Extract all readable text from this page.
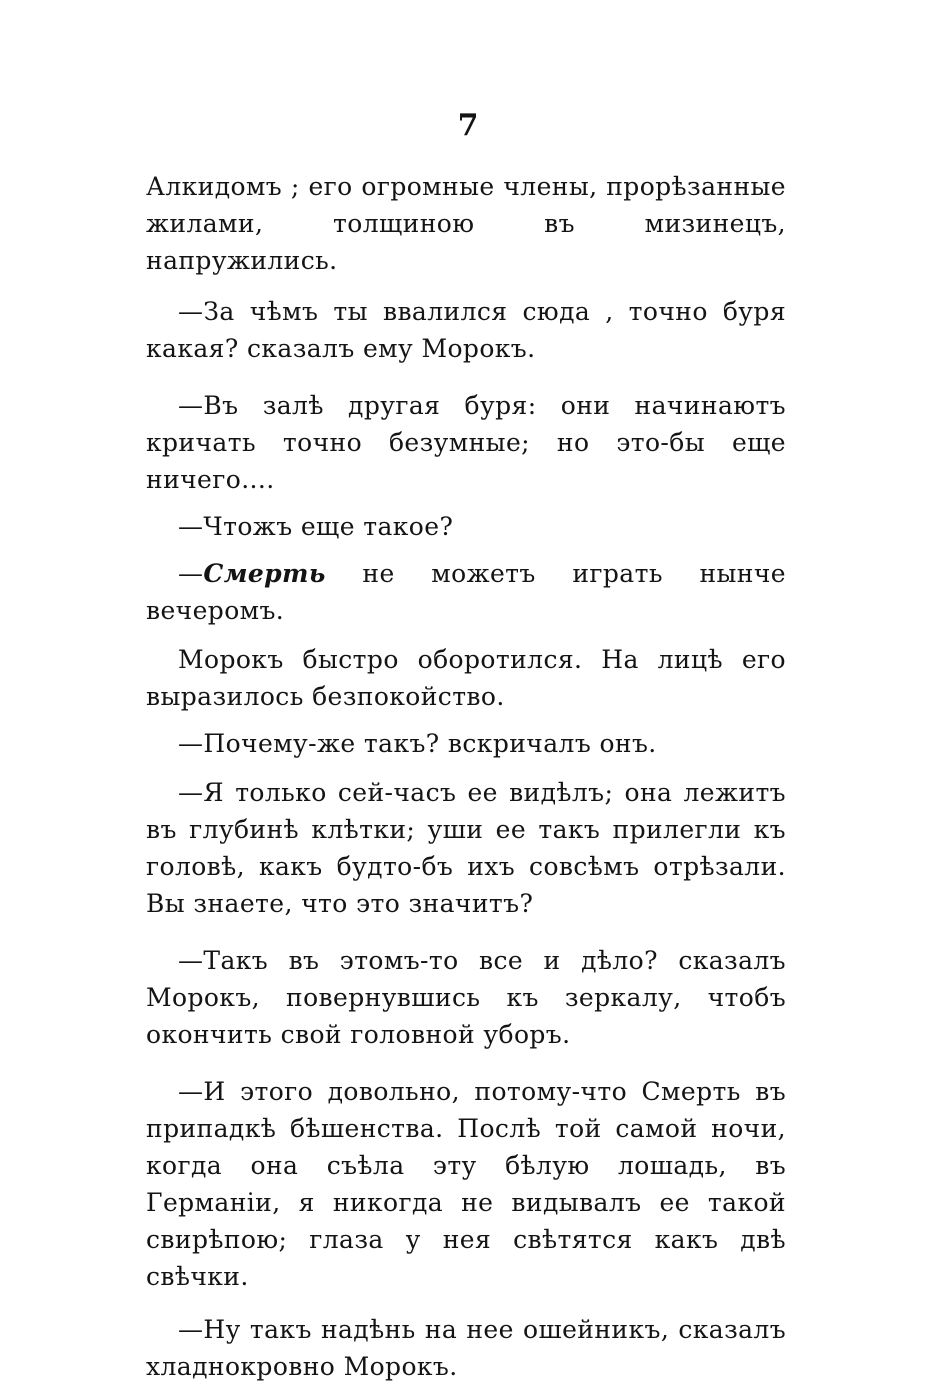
7

Алкидомъ ; его огромные члены, прорѣзанные жилами, толщиною въ мизинецъ, напружились.

—За чѣмъ ты ввалился сюда , точно буря какая? сказалъ ему Морокъ.

—Въ залѣ другая буря: они начинаютъ кричать точно безумные; но это-бы еще ничего....

—Чтожъ еще такое?

—Смерть не можетъ играть нынче вечеромъ.

Морокъ быстро оборотился. На лицѣ его выразилось безпокойство.

—Почему-же такъ? вскричалъ онъ.

—Я только сей-часъ ее видѣлъ; она лежитъ въ глубинѣ клѣтки; уши ее такъ прилегли къ головѣ, какъ будто-бъ ихъ совсѣмъ отрѣзали. Вы знаете, что это значитъ?

—Такъ въ этомъ-то все и дѣло? сказалъ Морокъ, повернувшись къ зеркалу, чтобъ окончить свой головной уборъ.

—И этого довольно, потому-что Смерть въ припадкѣ бѣшенства. Послѣ той самой ночи, когда она съѣла эту бѣлую лошадь, въ Германіи, я никогда не видывалъ ее такой свирѣпою; глаза у нея свѣтятся какъ двѣ свѣчки.

—Ну такъ надѣнь на нее ошейникъ, сказалъ хладнокровно Морокъ.
